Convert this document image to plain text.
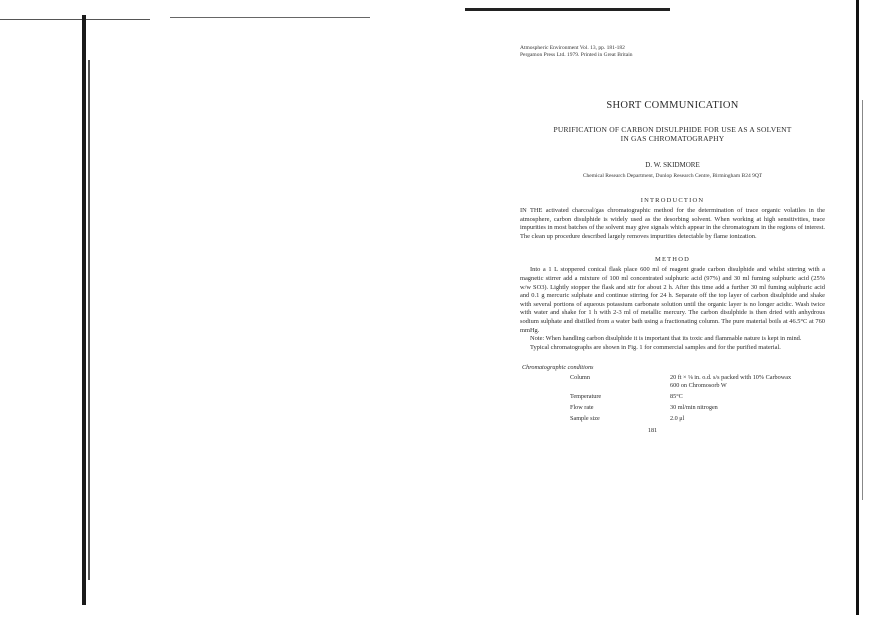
Atmospheric Environment Vol. 13, pp. 181-182
Pergamon Press Ltd. 1979. Printed in Great Britain
SHORT COMMUNICATION
PURIFICATION OF CARBON DISULPHIDE FOR USE AS A SOLVENT
IN GAS CHROMATOGRAPHY
D. W. SKIDMORE
Chemical Research Department, Dunlop Research Centre, Birmingham B24 9QT
INTRODUCTION

IN THE activated charcoal/gas chromatographic method for the determination of trace organic volatiles in the atmosphere, carbon disulphide is widely used as the desorbing solvent. When working at high sensitivities, trace impurities in most batches of the solvent may give signals which appear in the chromatogram in the regions of interest. The clean up procedure described largely removes impurities detectable by flame ionization.

METHOD

Into a 1 L stoppered conical flask place 600 ml of reagent grade carbon disulphide and whilst stirring with a magnetic stirrer add a mixture of 100 ml concentrated sulphuric acid (97%) and 30 ml fuming sulphuric acid (25% w/w SO3). Lightly stopper the flask and stir for about 2 h. After this time add a further 30 ml fuming sulphuric acid and 0.1 g mercuric sulphate and continue stirring for 24 h. Separate off the top layer of carbon disulphide and shake with several portions of aqueous potassium carbonate solution until the organic layer is no longer acidic. Wash twice with water and shake for 1 h with 2-3 ml of metallic mercury. The carbon disulphide is then dried with anhydrous sodium sulphate and distilled from a water bath using a fractionating column. The pure material boils at 46.5°C at 760 mmHg.

Note: When handling carbon disulphide it is important that its toxic and flammable nature is kept in mind.

Typical chromatographs are shown in Fig. 1 for commercial samples and for the purified material.

Chromatographic conditions
Column	20 ft × ⅛ in. o.d. s/s packed with 10% Carbowax 600 on Chromosorb W
Temperature	85°C
Flow rate	30 ml/min nitrogen
Sample size	2.0 μl
181
